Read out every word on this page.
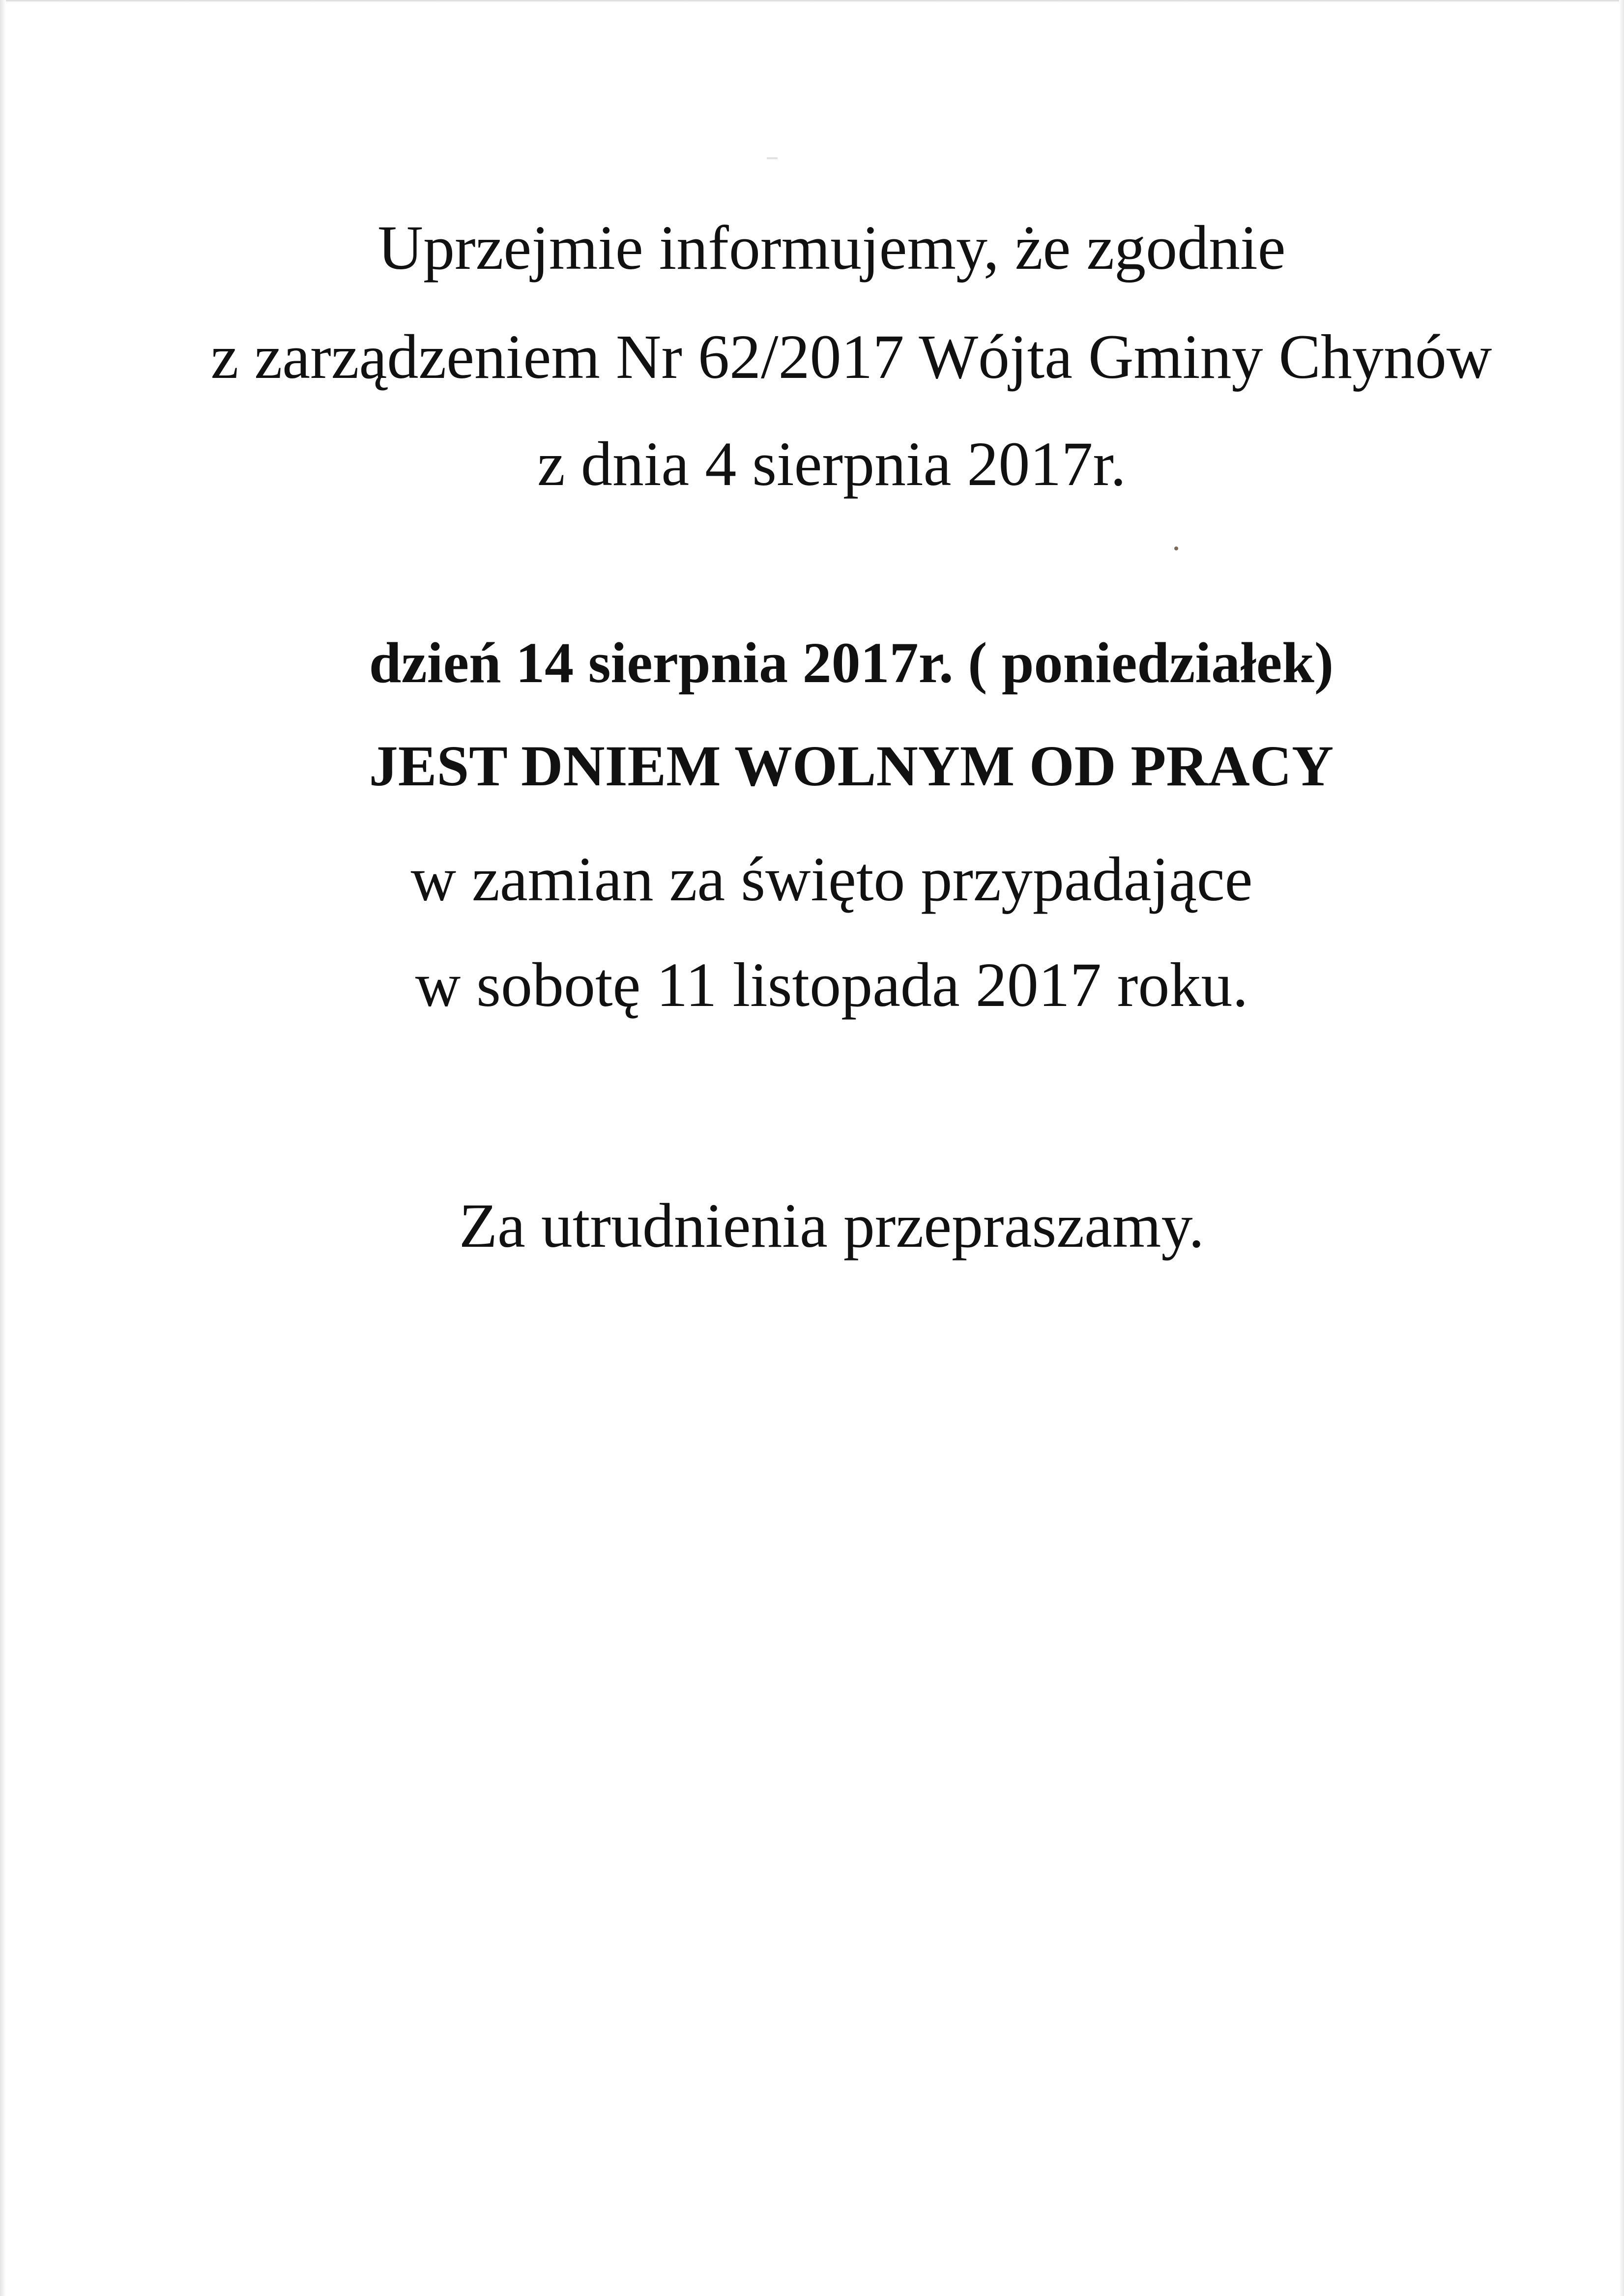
Uprzejmie informujemy, że zgodnie

z zarządzeniem Nr 62/2017 Wójta Gminy Chynów

z dnia 4 sierpnia 2017r.

dzień 14 sierpnia 2017r. ( poniedziałek)

JEST DNIEM WOLNYM OD PRACY

w zamian za święto przypadające

w sobotę 11 listopada 2017 roku.

Za utrudnienia przepraszamy.
